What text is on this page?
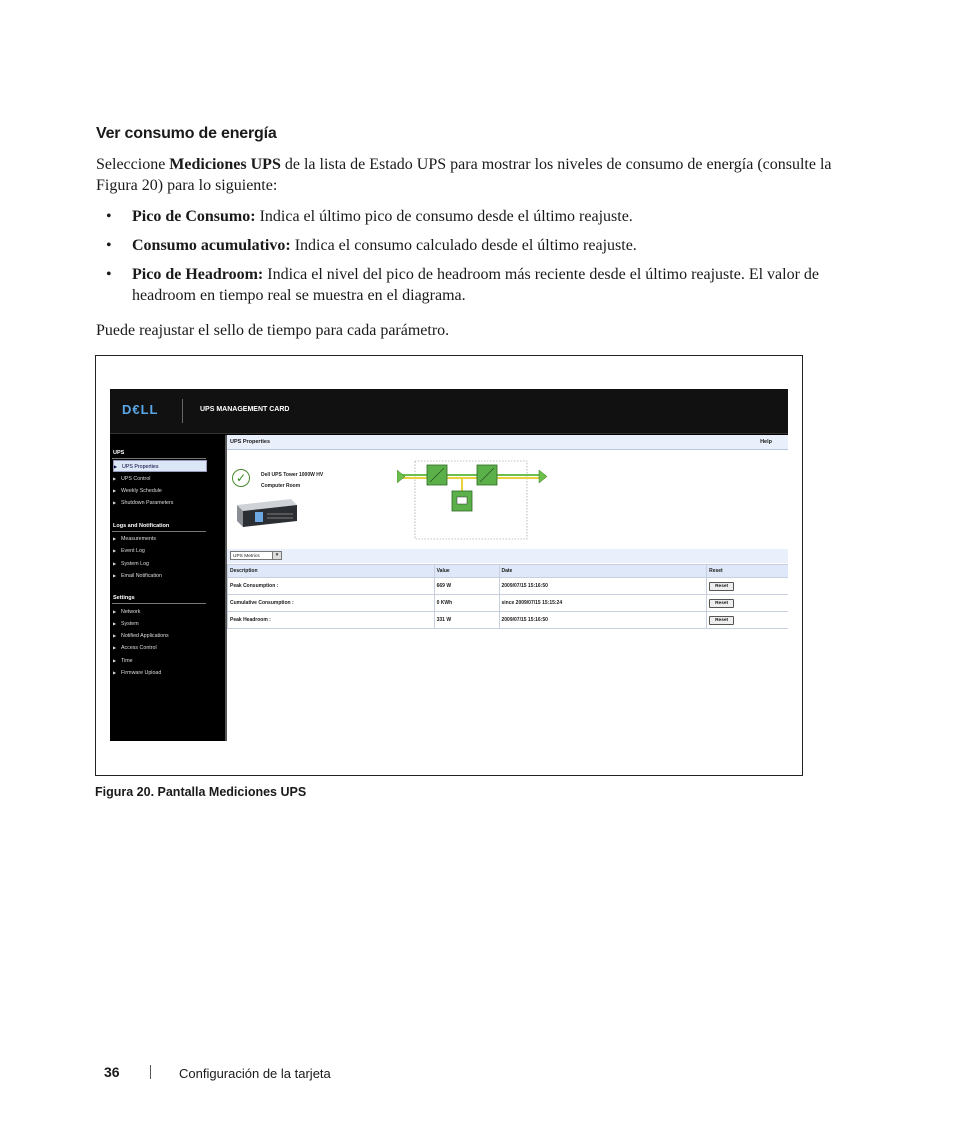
Ver consumo de energía
Seleccione Mediciones UPS de la lista de Estado UPS para mostrar los niveles de consumo de energía (consulte la Figura 20) para lo siguiente:
• Pico de Consumo: Indica el último pico de consumo desde el último reajuste.
• Consumo acumulativo: Indica el consumo calculado desde el último reajuste.
• Pico de Headroom: Indica el nivel del pico de headroom más reciente desde el último reajuste. El valor de headroom en tiempo real se muestra en el diagrama.
Puede reajustar el sello de tiempo para cada parámetro.
D€LL	UPS MANAGEMENT CARD
UPS
▶ UPS Properties
▶ UPS Control
▶ Weekly Schedule
▶ Shutdown Parameters
Logs and Notification
▶ Measurements
▶ Event Log
▶ System Log
▶ Email Notification
Settings
▶ Network
▶ System
▶ Notified Applications
▶ Access Control
▶ Time
▶ Firmware Upload
UPS Properties	Help
✓	Dell UPS Tower 1000W HV
Computer Room
UPS Metrics	▾
Description	Value	Date	Reset
Peak Consumption :	669 W	2009/07/15 15:16:50	Reset
Cumulative Consumption :	0 KWh	since 2009/07/15 15:15:24	Reset
Peak Headroom :	331 W	2009/07/15 15:16:50	Reset
Figura 20. Pantalla Mediciones UPS
36	Configuración de la tarjeta
